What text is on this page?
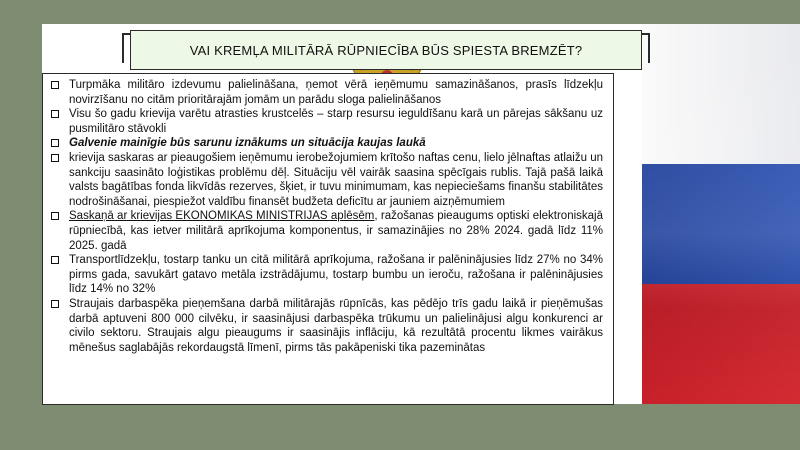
VAI KREMĻA MILITĀRĀ RŪPNIECĪBA BŪS SPIESTA BREMZĒT?
Turpmāka militāro izdevumu palielināšana, ņemot vērā ieņēmumu samazināšanos, prasīs līdzekļu novirzīšanu no citām prioritārajām jomām un parādu sloga palielināšanos
Visu šo gadu krievija varētu atrasties krustcelēs – starp resursu ieguldīšanu karā un pārejas sākšanu uz pusmilitāro stāvokli
Galvenie mainīgie būs sarunu iznākums un situācija kaujas laukā
krievija saskaras ar pieaugošiem ieņēmumu ierobežojumiem krītošo naftas cenu, lielo jēlnaftas atlaižu un sankciju saasināto loģistikas problēmu dēļ. Situāciju vēl vairāk saasina spēcīgais rublis. Tajā pašā laikā valsts bagātības fonda likvīdās rezerves, šķiet, ir tuvu minimumam, kas nepieciešams finanšu stabilitātes nodrošināšanai, piespiežot valdību finansēt budžeta deficītu ar jauniem aizņēmumiem
Saskaņā ar krievijas EKONOMIKAS MINISTRIJAS aplēsēm, ražošanas pieaugums optiski elektroniskajā rūpniecībā, kas ietver militārā aprīkojuma komponentus, ir samazinājies no 28% 2024. gadā līdz 11% 2025. gadā
Transportlīdzekļu, tostarp tanku un citā militārā aprīkojuma, ražošana ir palēninājusies līdz 27% no 34% pirms gada, savukārt gatavo metāla izstrādājumu, tostarp bumbu un ieroču, ražošana ir palēninājusies līdz 14% no 32%
Straujais darbaspēka pieņemšana darbā militārajās rūpnīcās, kas pēdējo trīs gadu laikā ir pieņēmušas darbā aptuveni 800 000 cilvēku, ir saasinājusi darbaspēka trūkumu un palielinājusi algu konkurenci ar civilo sektoru. Straujais algu pieaugums ir saasinājis inflāciju, kā rezultātā procentu likmes vairākus mēnešus saglabājās rekordaugstā līmenī, pirms tās pakāpeniski tika pazeminātas
